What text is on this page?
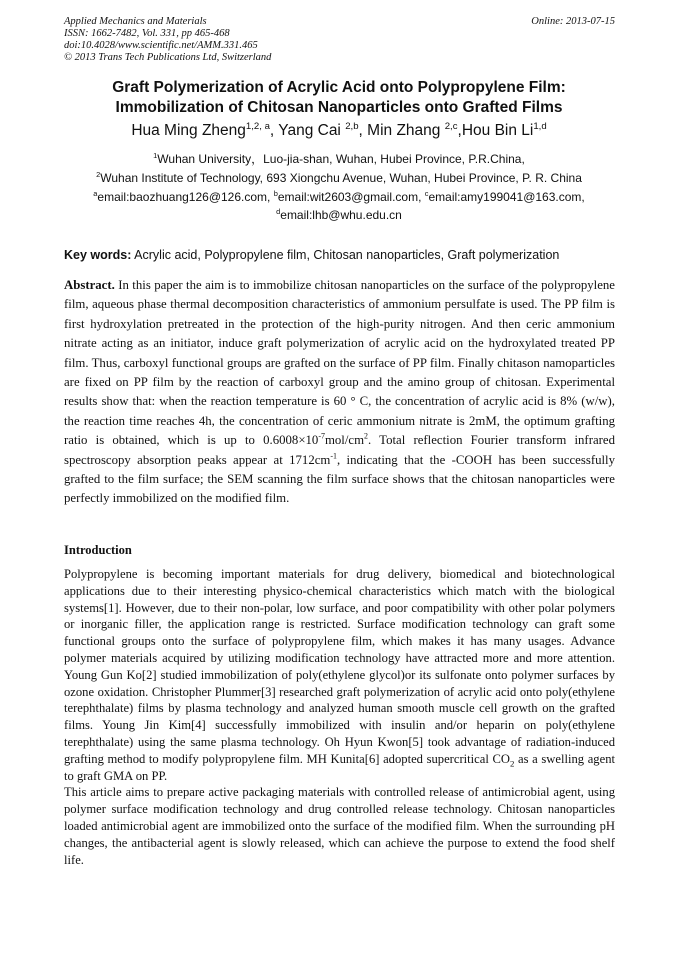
Applied Mechanics and Materials
ISSN: 1662-7482, Vol. 331, pp 465-468
doi:10.4028/www.scientific.net/AMM.331.465
© 2013 Trans Tech Publications Ltd, Switzerland
Online: 2013-07-15
Graft Polymerization of Acrylic Acid onto Polypropylene Film:
Immobilization of Chitosan Nanoparticles onto Grafted Films
Hua Ming Zheng$^{1,2, a}$, Yang Cai $^{2,b}$, Min Zhang $^{2,c}$,Hou Bin Li$^{1,d}$
$^1$Wuhan University，Luo-jia-shan, Wuhan, Hubei Province, P.R.China,
$^2$Wuhan Institute of Technology, 693 Xiongchu Avenue, Wuhan, Hubei Province, P. R. China
$^a$email:baozhuang126@126.com, $^b$email:wit2603@gmail.com, $^c$email:amy199041@163.com,
$^d$email:lhb@whu.edu.cn
Key words: Acrylic acid, Polypropylene film, Chitosan nanoparticles, Graft polymerization
Abstract. In this paper the aim is to immobilize chitosan nanoparticles on the surface of the polypropylene film, aqueous phase thermal decomposition characteristics of ammonium persulfate is used. The PP film is first hydroxylation pretreated in the protection of the high-purity nitrogen. And then ceric ammonium nitrate acting as an initiator, induce graft polymerization of acrylic acid on the hydroxylated treated PP film. Thus, carboxyl functional groups are grafted on the surface of PP film. Finally chitason namoparticles are fixed on PP film by the reaction of carboxyl group and the amino group of chitosan. Experimental results show that: when the reaction temperature is 60 ° C, the concentration of acrylic acid is 8% (w/w), the reaction time reaches 4h, the concentration of ceric ammonium nitrate is 2mM, the optimum grafting ratio is obtained, which is up to $0.6008\times 10^{-7}mol/cm^2$. Total reflection Fourier transform infrared spectroscopy absorption peaks appear at $1712cm^{-1}$, indicating that the -COOH has been successfully grafted to the film surface; the SEM scanning the film surface shows that the chitosan nanoparticles were perfectly immobilized on the modified film.
Introduction

Polypropylene is becoming important materials for drug delivery, biomedical and biotechnological applications due to their interesting physico-chemical characteristics which match with the biological systems[1]. However, due to their non-polar, low surface, and poor compatibility with other polar polymers or inorganic filler, the application range is restricted. Surface modification technology can graft some functional groups onto the surface of polypropylene film, which makes it has many usages. Advance polymer materials acquired by utilizing modification technology have attracted more and more attention. Young Gun Ko[2] studied immobilization of poly(ethylene glycol)or its sulfonate onto polymer surfaces by ozone oxidation. Christopher Plummer[3] researched graft polymerization of acrylic acid onto poly(ethylene terephthalate) films by plasma technology and analyzed human smooth muscle cell growth on the grafted films. Young Jin Kim[4] successfully immobilized with insulin and/or heparin on poly(ethylene terephthalate) using the same plasma technology. Oh Hyun Kwon[5] took advantage of radiation-induced grafting method to modify polypropylene film. MH Kunita[6] adopted supercritical $CO_2$ as a swelling agent to graft GMA on PP.

This article aims to prepare active packaging materials with controlled release of antimicrobial agent, using polymer surface modification technology and drug controlled release technology. Chitosan nanoparticles loaded antimicrobial agent are immobilized onto the surface of the modified film. When the surrounding pH changes, the antibacterial agent is slowly released, which can achieve the purpose to extend the food shelf life.
